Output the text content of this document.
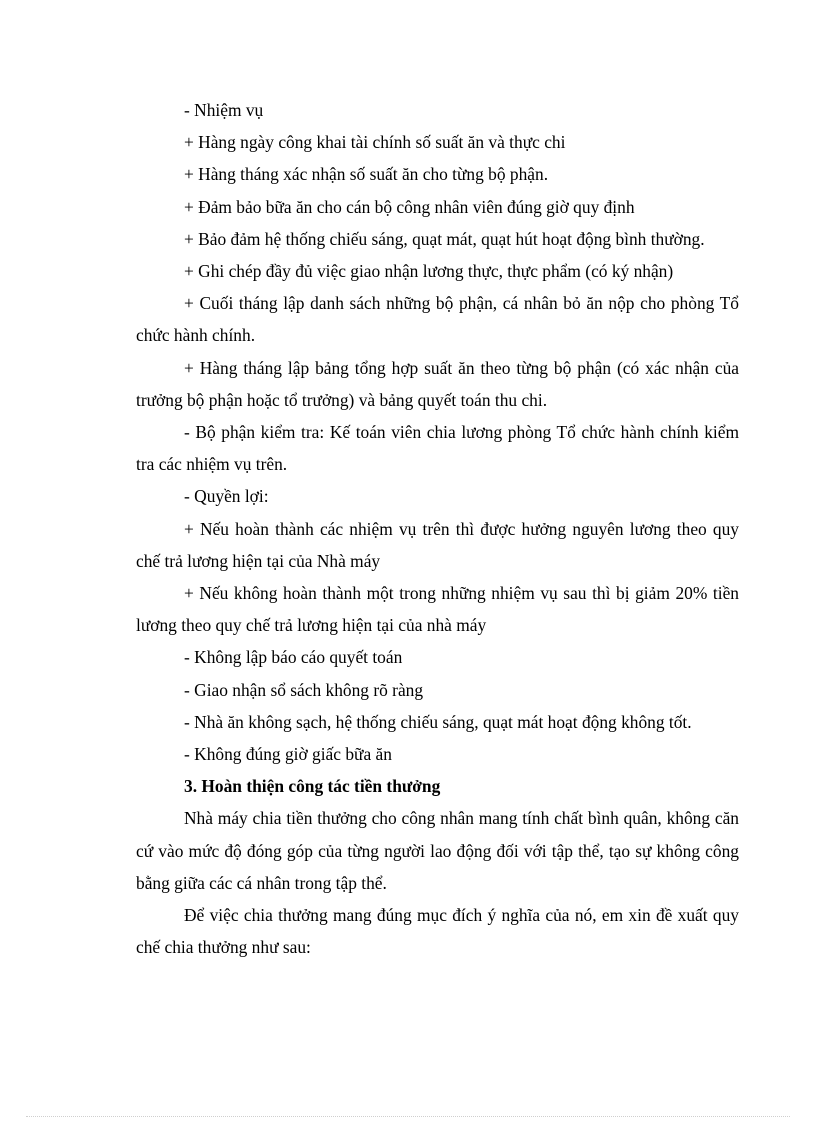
- Nhiệm vụ

+ Hàng ngày công khai tài chính số suất ăn và thực chi

+ Hàng tháng xác nhận số suất ăn cho từng bộ phận.

+ Đảm bảo bữa ăn cho cán bộ công nhân viên đúng giờ quy định

+ Bảo đảm hệ thống chiếu sáng, quạt mát, quạt hút hoạt động bình thường.

+ Ghi chép đầy đủ việc giao nhận lương thực, thực phẩm (có ký nhận)

+ Cuối tháng lập danh sách những bộ phận, cá nhân bỏ ăn nộp cho phòng Tổ chức hành chính.

+ Hàng tháng lập bảng tổng hợp suất ăn theo từng bộ phận (có xác nhận của trưởng bộ phận hoặc tổ trưởng) và bảng quyết toán thu chi.

- Bộ phận kiểm tra: Kế toán viên chia lương phòng Tổ chức hành chính kiểm tra các nhiệm vụ trên.

- Quyền lợi:

+ Nếu hoàn thành các nhiệm vụ trên thì được hưởng nguyên lương theo quy chế trả lương hiện tại của Nhà máy

+ Nếu không hoàn thành một trong những nhiệm vụ sau thì bị giảm 20% tiền lương theo quy chế trả lương hiện tại của nhà máy

- Không lập báo cáo quyết toán

- Giao nhận sổ sách không rõ ràng

- Nhà ăn không sạch, hệ thống chiếu sáng, quạt mát hoạt động không tốt.

- Không đúng giờ giấc bữa ăn

3. Hoàn thiện công tác tiền thưởng

Nhà máy chia tiền thưởng cho công nhân mang tính chất bình quân, không căn cứ vào mức độ đóng góp của từng người lao động đối với tập thể, tạo sự không công bằng giữa các cá nhân trong tập thể.

Để việc chia thưởng mang đúng mục đích ý nghĩa của nó, em xin đề xuất quy chế chia thưởng như sau:
